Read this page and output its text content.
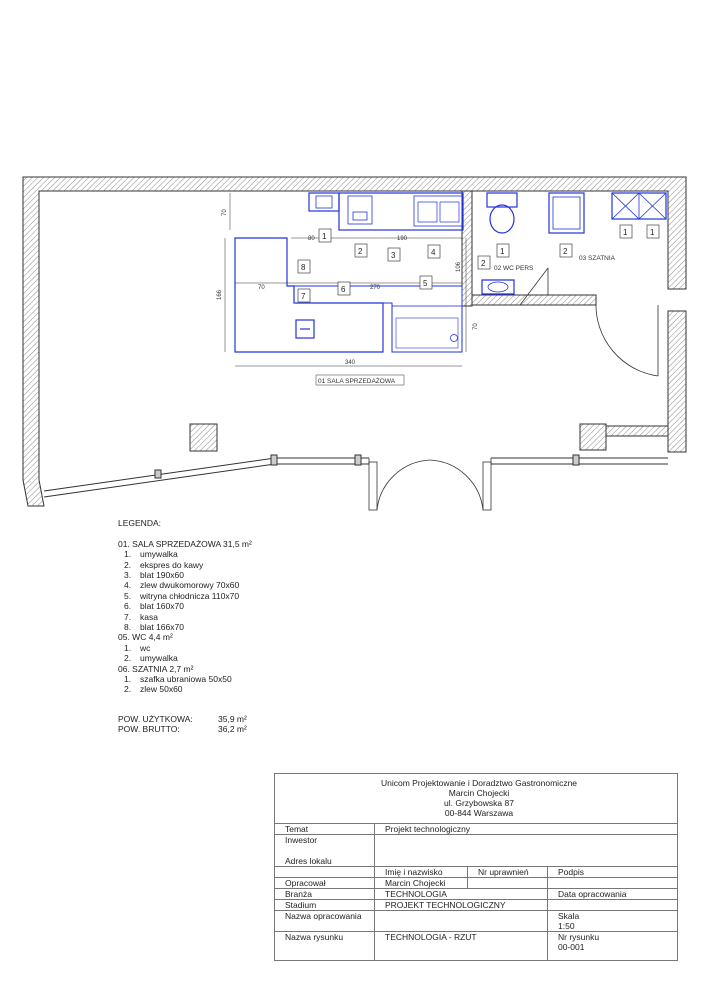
70
80	190
166
70	270
106
70
340
1
2	3	4
8
6
7
5
2
1	2
1	1
01 SALA SPRZEDAŻOWA
02 WC PERS
03 SZATNIA
LEGENDA:
01. SALA SPRZEDAŻOWA 31,5 m²
1. umywalka
2. ekspres do kawy
3. blat 190x60
4. zlew dwukomorowy 70x60
5. witryna chłodnicza 110x70
6. blat 160x70
7. kasa
8. blat 166x70
05. WC 4,4 m²
1. wc
2. umywalka
06. SZATNIA 2,7 m²
1. szafka ubraniowa 50x50
2. zlew 50x60
POW. UŻYTKOWA:	35,9 m²
POW. BRUTTO:	36,2 m²
Unicom Projektowanie i Doradztwo Gastronomiczne
Marcin Chojecki
ul. Grzybowska 87
00-844 Warszawa			

Temat	Projekt technologiczny		

Inwestor
Adres lokalu			

	Imię i nazwisko	Nr uprawnień	Podpis
Opracował	Marcin Chojecki		
Branża	TECHNOLOGIA		Data opracowania
Stadium	PROJEKT TECHNOLOGICZNY		
Nazwa opracowania			Skala
1:50

Nazwa rysunku	TECHNOLOGIA - RZUT		Nr rysunku
00-001
